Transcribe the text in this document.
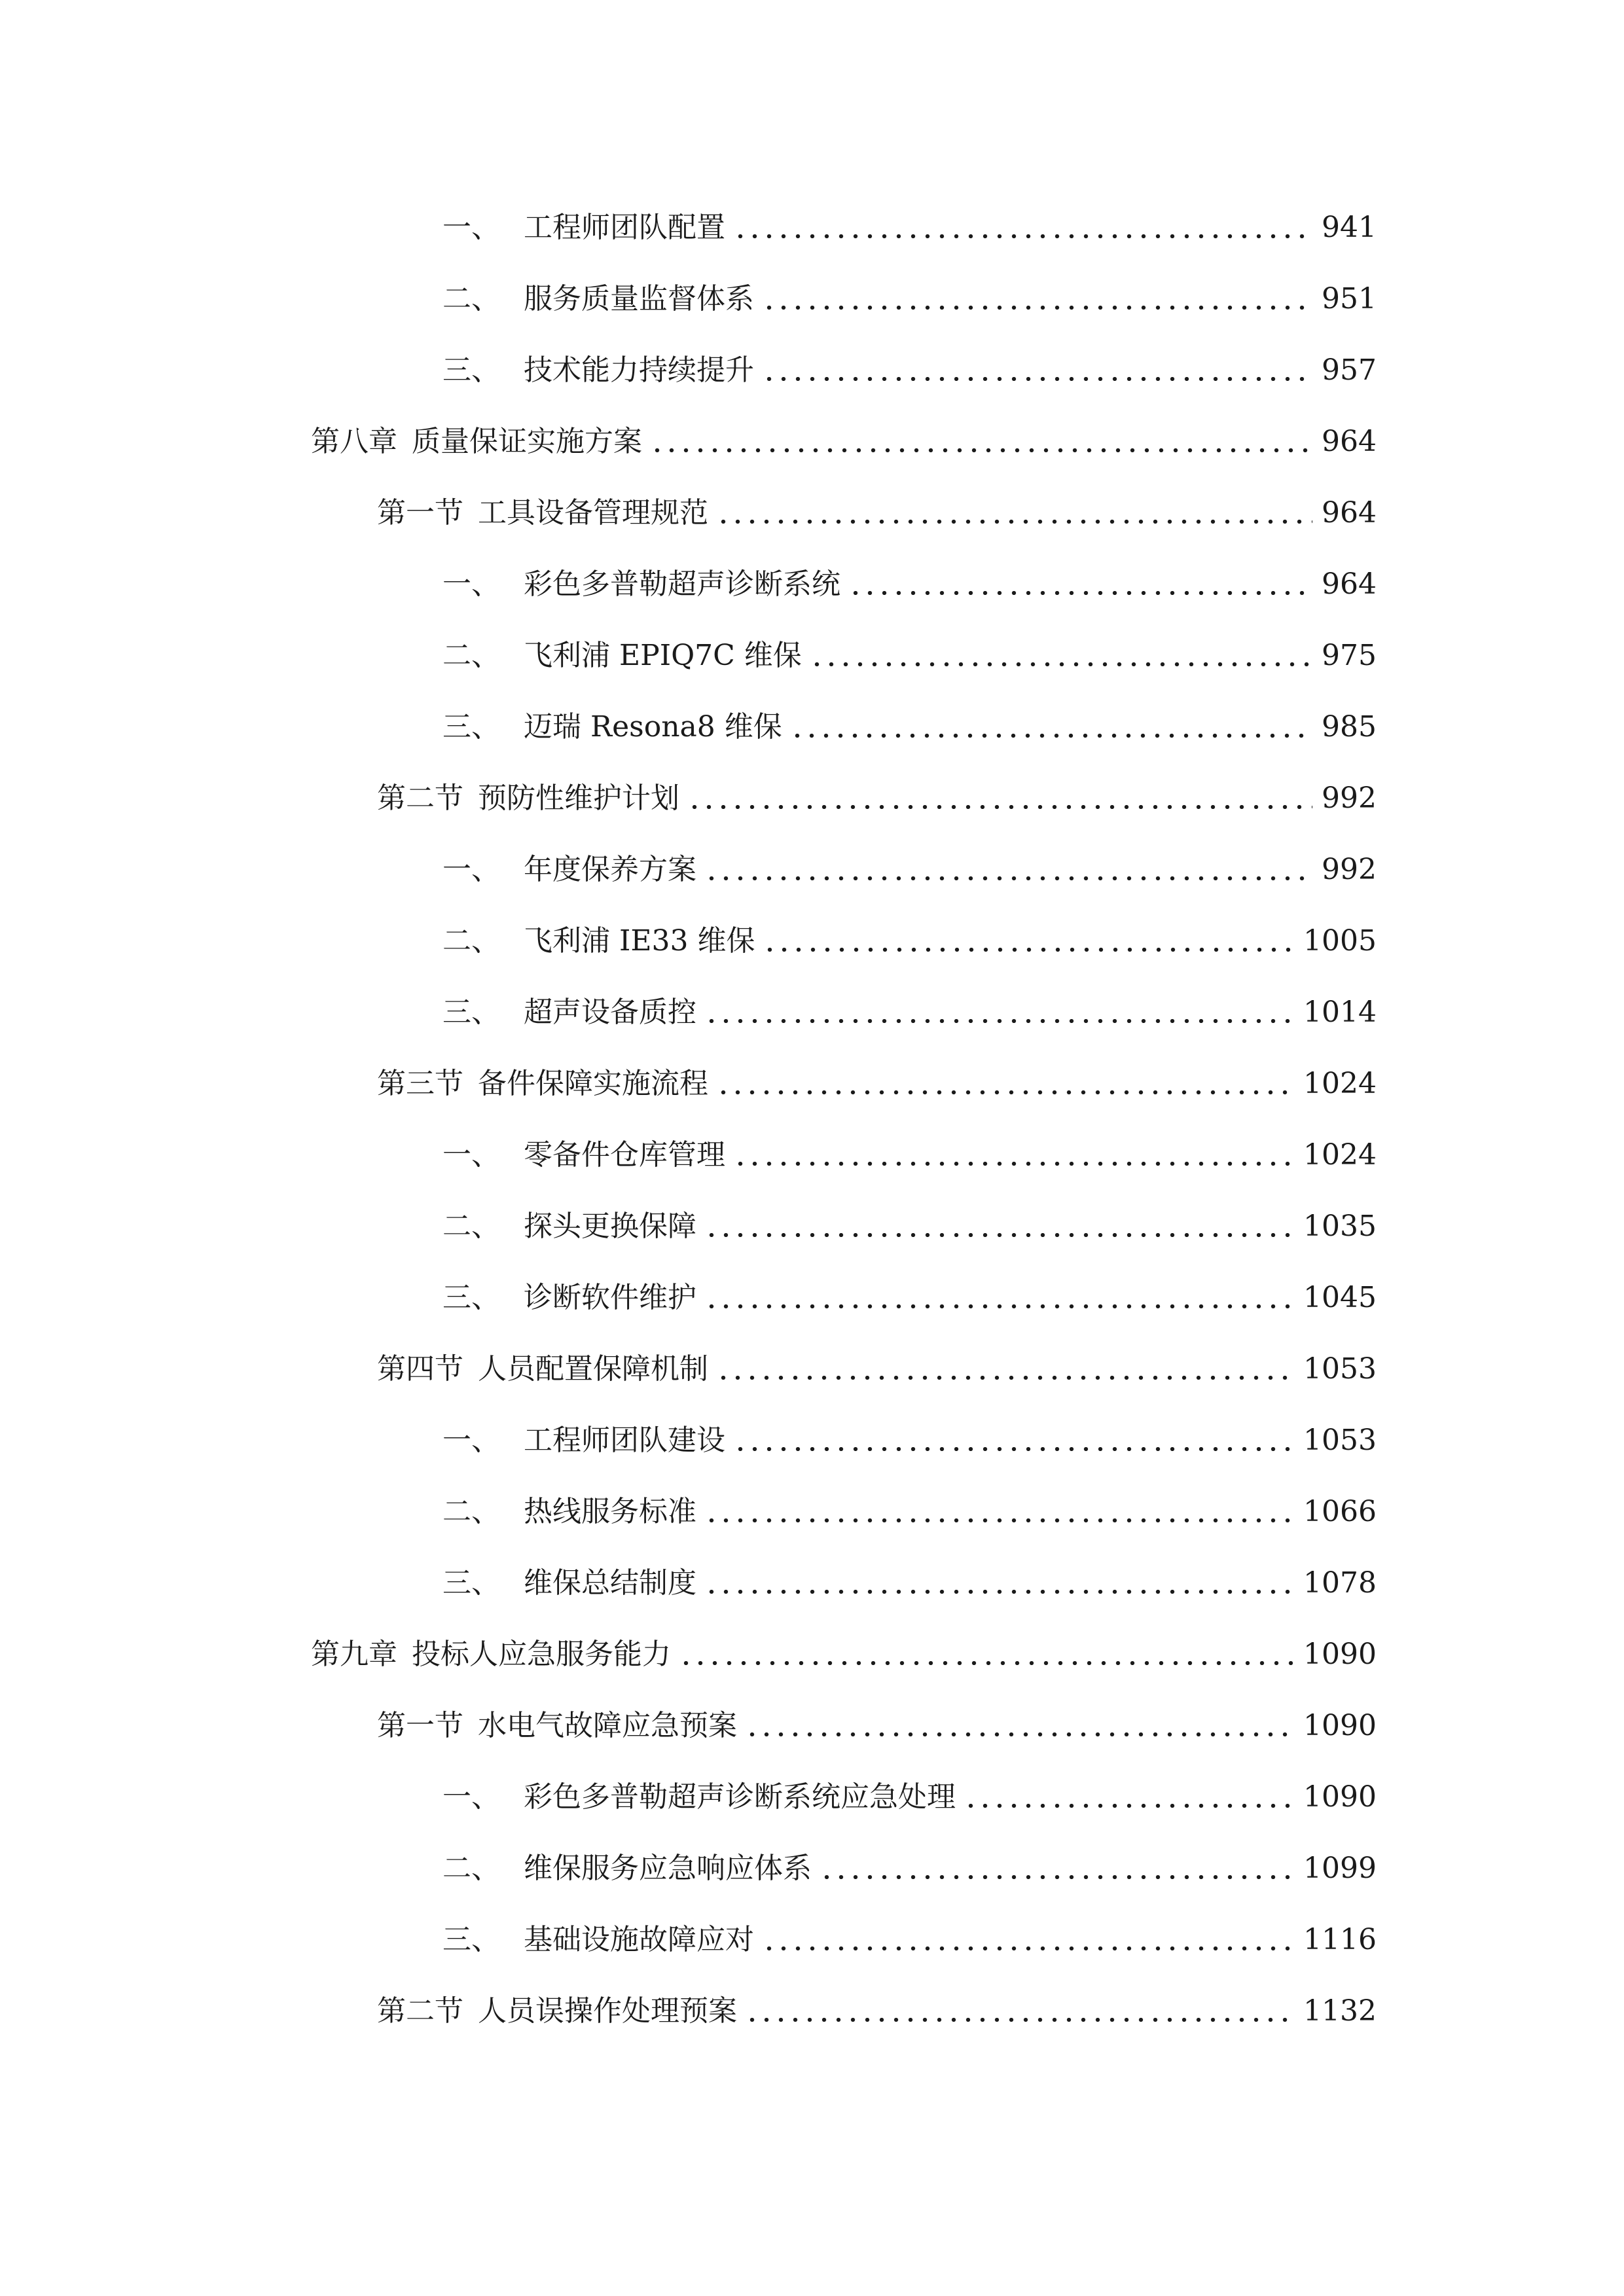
一、 工程师团队配置	941
二、 服务质量监督体系	951
三、 技术能力持续提升	957
第八章 质量保证实施方案	964
第一节 工具设备管理规范	964
一、 彩色多普勒超声诊断系统	964
二、 飞利浦 EPIQ7C 维保	975
三、 迈瑞 Resona8 维保	985
第二节 预防性维护计划	992
一、 年度保养方案	992
二、 飞利浦 IE33 维保	1005
三、 超声设备质控	1014
第三节 备件保障实施流程	1024
一、 零备件仓库管理	1024
二、 探头更换保障	1035
三、 诊断软件维护	1045
第四节 人员配置保障机制	1053
一、 工程师团队建设	1053
二、 热线服务标准	1066
三、 维保总结制度	1078
第九章 投标人应急服务能力	1090
第一节 水电气故障应急预案	1090
一、 彩色多普勒超声诊断系统应急处理	1090
二、 维保服务应急响应体系	1099
三、 基础设施故障应对	1116
第二节 人员误操作处理预案	1132
